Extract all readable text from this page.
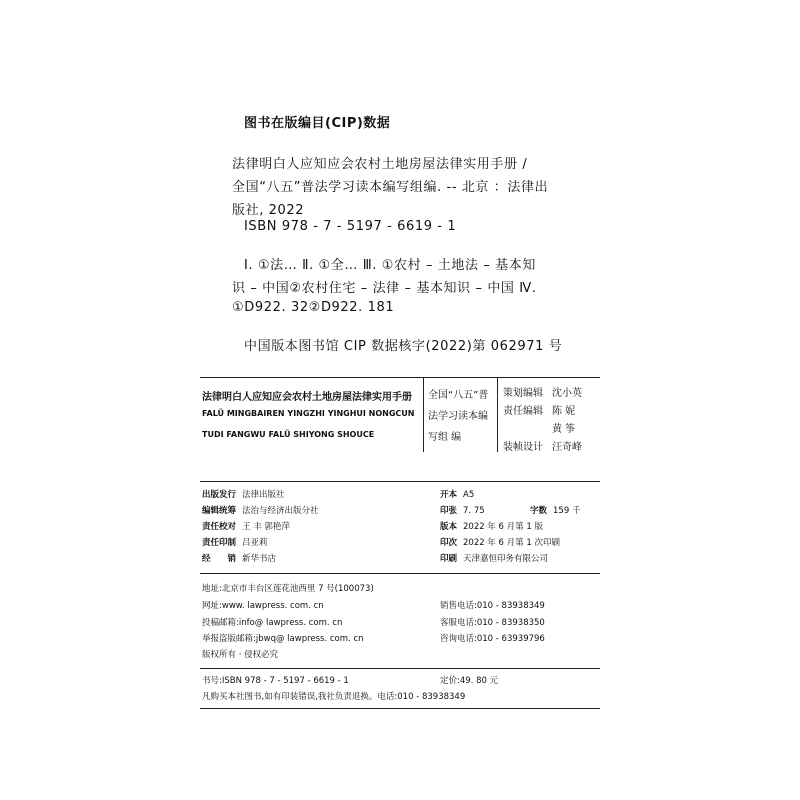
图书在版编目(CIP)数据
法律明白人应知应会农村土地房屋法律实用手册 /
全国“八五”普法学习读本编写组编. -- 北京 ：法律出
版社, 2022
ISBN 978 - 7 - 5197 - 6619 - 1
Ⅰ. ①法… Ⅱ. ①全… Ⅲ. ①农村 – 土地法 – 基本知
识 – 中国②农村住宅 – 法律 – 基本知识 – 中国 Ⅳ.
①D922. 32②D922. 181
中国版本图书馆 CIP 数据核字(2022)第 062971 号
法律明白人应知应会农村土地房屋法律实用手册
FALÜ MINGBAIREN YINGZHI YINGHUI NONGCUN
TUDI FANGWU FALÜ SHIYONG SHOUCE
全国“八五”普
法学习读本编
写组 编
策划编辑 沈小英
责任编辑 陈 妮
黄 筝
装帧设计 汪奇峰
出版发行 法律出版社
编辑统筹 法治与经济出版分社
责任校对 王 丰 郭艳萍
责任印制 吕亚莉
经　　销 新华书店
开本 A5
印张 7. 75	字数 159 千
版本 2022 年 6 月第 1 版
印次 2022 年 6 月第 1 次印刷
印刷 天津嘉恒印务有限公司
地址:北京市丰台区莲花池西里 7 号(100073)
网址:www. lawpress. com. cn	销售电话:010 - 83938349
投稿邮箱:info@ lawpress. com. cn	客服电话:010 - 83938350
举报盗版邮箱:jbwq@ lawpress. com. cn	咨询电话:010 - 63939796
版权所有 · 侵权必究
书号:ISBN 978 - 7 - 5197 - 6619 - 1	定价:49. 80 元
凡购买本社图书,如有印装错误,我社负责退换。电话:010 - 83938349
